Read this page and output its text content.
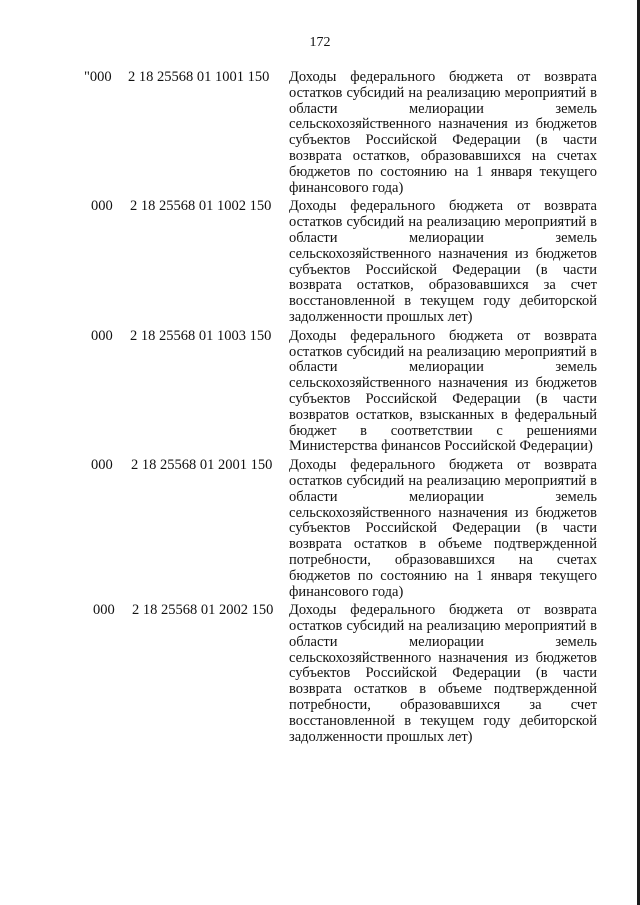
172
"000 2 18 25568 01 1001 150 Доходы федерального бюджета от возврата остатков субсидий на реализацию мероприятий в области мелиорации земель сельскохозяйственного назначения из бюджетов субъектов Российской Федерации (в части возврата остатков, образовавшихся на счетах бюджетов по состоянию на 1 января текущего финансового года)
000 2 18 25568 01 1002 150 Доходы федерального бюджета от возврата остатков субсидий на реализацию мероприятий в области мелиорации земель сельскохозяйственного назначения из бюджетов субъектов Российской Федерации (в части возврата остатков, образовавшихся за счет восстановленной в текущем году дебиторской задолженности прошлых лет)
000 2 18 25568 01 1003 150 Доходы федерального бюджета от возврата остатков субсидий на реализацию мероприятий в области мелиорации земель сельскохозяйственного назначения из бюджетов субъектов Российской Федерации (в части возвратов остатков, взысканных в федеральный бюджет в соответствии с решениями Министерства финансов Российской Федерации)
000 2 18 25568 01 2001 150 Доходы федерального бюджета от возврата остатков субсидий на реализацию мероприятий в области мелиорации земель сельскохозяйственного назначения из бюджетов субъектов Российской Федерации (в части возврата остатков в объеме подтвержденной потребности, образовавшихся на счетах бюджетов по состоянию на 1 января текущего финансового года)
000 2 18 25568 01 2002 150 Доходы федерального бюджета от возврата остатков субсидий на реализацию мероприятий в области мелиорации земель сельскохозяйственного назначения из бюджетов субъектов Российской Федерации (в части возврата остатков в объеме подтвержденной потребности, образовавшихся за счет восстановленной в текущем году дебиторской задолженности прошлых лет)
